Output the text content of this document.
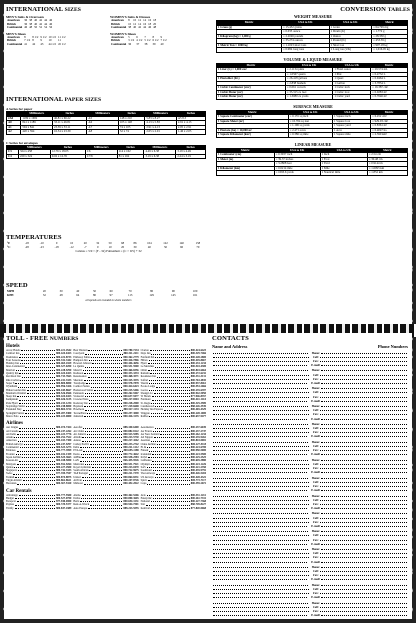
INTERNATIONAL SIZES
MEN'S Suits & Overcoats
American	36	38	40	42	44	46
British	36	38	40	42	44	46
Continental	46	48	50	52	54	56
MEN'S Shoes
American	8	8 1/2	9 1/2	10 1/2	11 1/2
British	7 1/2	8	9	10	11
Continental	41	42	43	44 1/2	45 1/2
WOMEN'S Suits & Dresses
American	8	10	12	14	16	18
British	10	12	14	16	18	20
Continental	38	40	42	44	46	48
WOMEN'S Shoes
American	5	6	7	8	9
British	3 1/2	4 1/2	5 1/2	6 1/2	7 1/2
Continental	36	37	38	39	40
INTERNATIONAL PAPER SIZES
A Series for paper
	Millimeters	Inches	Millimeters	Inches	Millimeters	Inches
2A0	1189 x 1682	46.81 x 66.22	A5	148 x 210	5.83 x 8.27	A5 8.3
A0	841 x 1189	33.11 x 46.81	A6	105 x 148	4.13 x 5.83	2.91 x 4.13
A1	594 x 841	23.39 x 33.11	A7	74 x 105	2.91 x 4.13	2.05 x 2.91
A2	420 x 594	16.54 x 23.39	A8	52 x 74	2.05 x 2.91	1.46 x 2.05
C Series for envelopes
	Millimeters	Inches	Millimeters	Inches	Millimeters	Inches
C3	324 x 458	12.76 x 18.03	C6	114 x 162	4.49 x 6.38	3.19 x 4.49
C4	229 x 324	9.02 x 12.76	C7/6	81 x 162	3.19 x 6.38	2.24 x 3.19
TEMPERATURES
°F	-18	-10	0	10	20	32	50	68	86	104	122	140	158
°C	-28	-23	-18	-12	-7	0	10	20	30	40	50	60	70
Celsius = 5/9 × (F - 32) Fahrenheit = (C × 9/5) + 32
SPEED
MPH	20	30	40	50	60	70	80	90	100
KPH	32	48	64	80	97	113	129	145	161
all speeds are rounded to whole numbers
CONVERSION TABLES
WEIGHT MEASURE
Metric	USA to UK	USA to UK	Metric
1 Gram (g)	= 15.432 grains	1 Grain	= 64.799 mg
	= 0.035 ounce	1 Dram (dr)	= 1.772 g
1 Kilogram (kg) = 1,000 g	= 2.2046 pounds	1 Ounce	= 28.350 g
	= 35.274 ounces	1 Pound (lb)	= 453.59 g
1 Metric Ton = 1000 kg	= 1.1023 short tons	1 Short ton	= 907.18 kg
	= 0.984 long tons	1 Long ton (UK)	= 1,016.05 kg
VOLUME & LIQUID MEASURE
Metric	USA to UK	USA to UK	Metric
1 Liter (L) = 1,000 cm³	= 2.1134 pints	1 Fluid ounce	= 29.574 mL
	= 1.0567 quarts	1 Pint	= 0.4732 L
1 Hectoliter (hL)	= 26.418 gallons	1 Quart	= 0.9464 L
	= 2.838 bushels	1 Gallon	= 3.7854 L
1 Cubic Centimeter (cm³)	= 0.061 cu inch	1 Cubic inch	= 16.387 cm³
1 Cubic Meter (m³)	= 35.315 cu feet	1 Cubic foot	= 0.0283 m³
1 Cubic Meter (m³)	= 1.3080 cu yards	1 Cubic yard	= 0.7646 m³
SURFACE MEASURE
Metric	USA to UK	USA to UK	Metric
1 Square Centimeter (cm²)	= 0.155 sq inch	1 Square inch	= 6.452 cm²
1 Square Meter (m²)	= 10.764 sq feet	1 Square foot	= 929.03 cm²
	= 1.196 sq yards	1 Square yard	= 0.8361 m²
1 Hectare (ha) = 10,000 m²	= 2.471 acres	1 Acre	= 0.4047 ha
1 Square Kilometer (km²)	= 0.386 sq mile	1 Square mile	= 2.590 km²
LINEAR MEASURE
Metric	USA to UK	USA to UK	Metric
1 Centimeter (cm)	= 0.3937 inch	1 Inch	= 2.54 cm
1 Meter (m)	= 39.37 inches	1 Foot	= 30.48 cm
	= 3.2808 feet	1 Yard	= 0.9144 m
1 Kilometer (km)	= 0.6214 mile	1 Mile	= 1.6093 km
	= 1093.6 yards	1 Nautical mile	= 1.852 km
TOLL - FREE NUMBERS
Hotels
Accor Hotels	800-221-4542 Best Western	800-780-7234 Clarion	800-424-6423
Comfort Inn	800-424-6423 Courtyard	800-321-2211 Days Inn	800-329-7466
Doubletree	800-222-8733 Embassy Suites	800-362-2779 Fairfield Inn	800-228-2800
Four Seasons	800-332-3442 Hampton Inn	800-426-7866 Hilton	800-445-8667
Holiday Inn	800-465-4329 Howard Johnson	800-446-4656 Hyatt	800-233-1234
Inter-Continental	800-327-0200 La Quinta	800-531-5900 Le Meridien	800-543-4300
Marriott	800-228-9290 Motel 6	800-466-8356 Omni	800-843-6664
Quality Inn	800-424-6423 Radisson	800-333-3333 Ramada	800-272-6232
Red Roof Inn	800-733-7663 Renaissance	800-468-3571 Residence Inn	800-331-3131
Ritz-Carlton	800-241-3333 Sheraton	800-325-3535 Sofitel	800-763-4835
Super 8	800-800-8000 Travelodge	800-578-7878 Westin	800-937-8461
Wyndham	800-996-3426 Comfort Suites	800-424-6423 Econo Lodge	800-553-2666
Hilton Garden Inn	800-445-8667 Homewood Suites	800-225-5466 Loews	800-235-6397
Mandarin Oriental	800-526-6566 Peninsula	800-262-9467 Shangri-La	800-942-5050
Sleep Inn	800-424-6423 Swissotel	800-637-9477 W Hotels	877-946-8357
Kempinski	800-426-3135 Crowne Plaza	800-227-6963 Fairmont	800-441-1414
Park Hyatt	800-233-1234 Rodeway Inn	800-228-2000 St. Regis	800-325-3589
Staybridge Suites	800-238-8000 Baymont	877-229-6668 Candlewood	888-226-3539
Extended Stay	800-804-3724 Hawthorn	800-527-1133 Holiday Inn Express	800-465-4329
Springhill Suites	888-287-9400 TownePlace	800-257-3000 Wingate	800-228-1000
Marco Polo	800-223-6800 Jumeirah	800-426-3135 Raffles	800-637-9477
Airlines
Aer Lingus	800-474-7424 Aeroflot	888-340-6400 Aeromexico	800-237-6639
Air Canada	888-247-2262 Air China	800-882-8122 Air France	800-237-2747
Air India	800-223-7776 Air Jamaica	800-523-5585 Air New Zealand	800-262-1234
Alaska	800-252-7522 Alitalia	800-223-5730 All Nippon	800-235-9262
American	800-433-7300 Asiana	800-227-4262 Austrian	800-843-0002
British Airways	800-247-9297 Cathay Pacific	800-233-2742 China Airlines	800-227-5118
Continental	800-523-3273 Delta	800-221-1212 El Al	800-223-6700
Emirates	800-777-3999 EVA Air	800-695-1188 Finnair	800-950-5000
Frontier	800-432-1359 Iberia	800-772-4642 Icelandair	800-223-5500
Japan Airlines	800-525-3663 JetBlue	800-538-2583 KLM	800-225-2525
Korean Air	800-438-5000 LAN	866-435-9526 Lufthansa	800-645-3880
Malaysia	800-552-9264 Mexicana	800-531-7921 Olympic	800-223-1226
Qantas	800-227-4500 Royal Jordanian	800-223-0470 SAS	800-221-2350
Singapore	800-742-3333 South African	800-722-9675 Southwest	800-435-9792
Swiss	877-359-7947 TAP Portugal	800-221-7370 Thai Airways	800-426-5204
Turkish	800-874-8875 United	800-864-8331 US Airways	800-428-4322
Virgin Atlantic	800-862-8621 AirTran	800-247-8726 Spirit	800-772-7117
Hawaiian	800-367-5320 Midwest	800-452-2022 Copa	800-359-2672
Car Rentals
Advantage	800-777-5500 Alamo	800-462-5266 Avis	800-331-1212
Budget	800-527-0700 Dollar	800-800-3665 Enterprise	800-261-7331
Europcar	877-940-6900 Hertz	800-654-3131 National	800-227-7368
Payless	800-729-5377 Rent-A-Wreck	800-944-7501 Sixt	888-749-8227
Thrifty	800-847-4389 Auto Europe	888-223-5555 Kemwel	877-820-0668
CONTACTS
Name and Address	Phone Numbers
Home:
Cell:
Fax:
E-mail:
Home:
Cell:
Fax:
E-mail:
Home:
Cell:
Fax:
E-mail:
Home:
Cell:
Fax:
E-mail:
Home:
Cell:
Fax:
E-mail:
Home:
Cell:
Fax:
E-mail:
Home:
Cell:
Fax:
E-mail:
Home:
Cell:
Fax:
E-mail:
Home:
Cell:
Fax:
E-mail:
Home:
Cell:
Fax:
E-mail:
Home:
Cell:
Fax:
E-mail:
Home:
Cell:
Fax:
E-mail:
Home:
Cell:
Fax:
E-mail:
Home:
Cell:
Fax:
E-mail:
Home:
Cell:
Fax:
E-mail:
